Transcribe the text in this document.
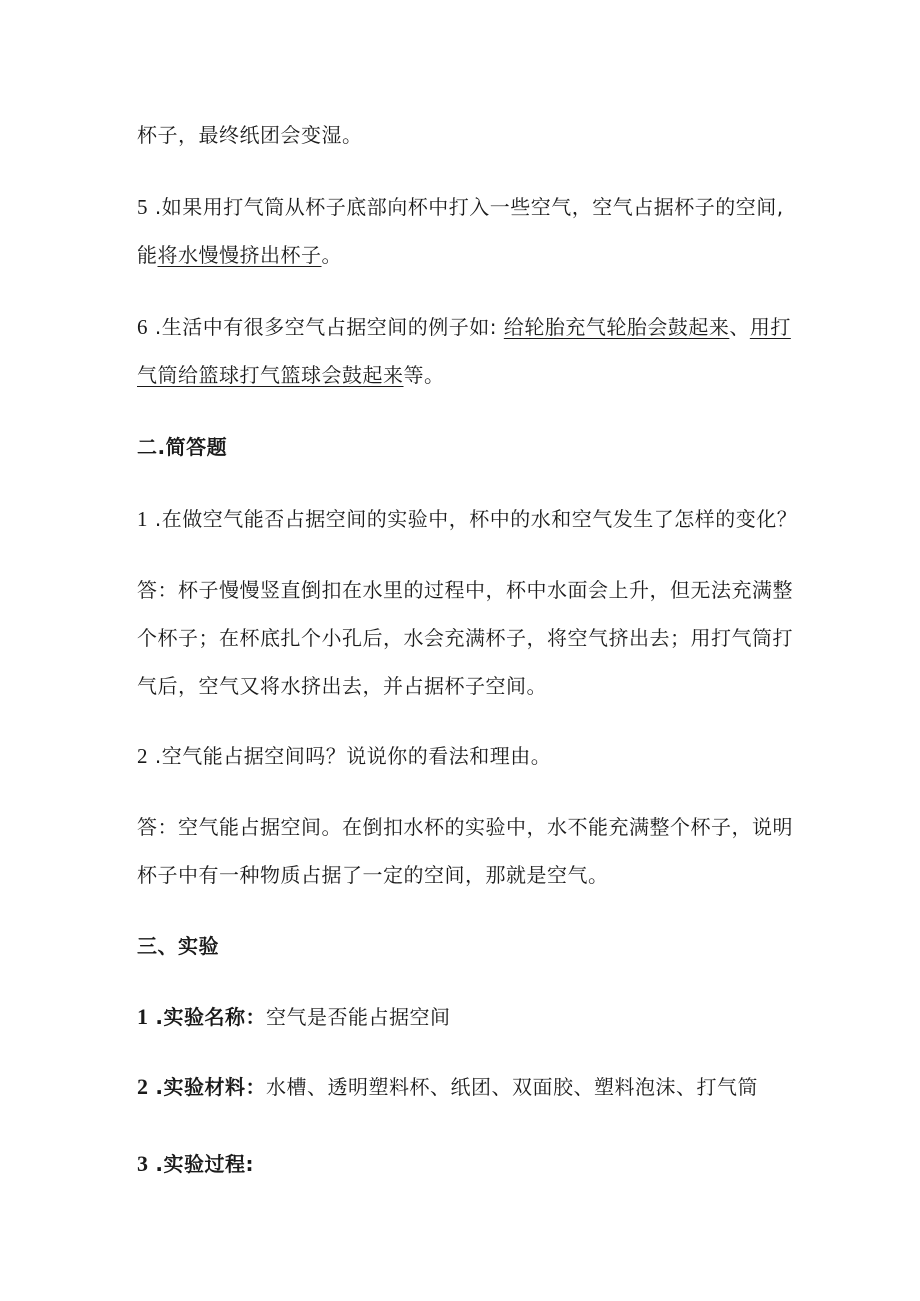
杯子，最终纸团会变湿。
5 .如果用打气筒从杯子底部向杯中打入一些空气，空气占据杯子的空间,
能将水慢慢挤出杯子。
6 .生活中有很多空气占据空间的例子如: 给轮胎充气轮胎会鼓起来、用打
气筒给篮球打气篮球会鼓起来等。
二.简答题
1 .在做空气能否占据空间的实验中，杯中的水和空气发生了怎样的变化？
答：杯子慢慢竖直倒扣在水里的过程中，杯中水面会上升，但无法充满整
个杯子；在杯底扎个小孔后，水会充满杯子，将空气挤出去；用打气筒打
气后，空气又将水挤出去，并占据杯子空间。
2 .空气能占据空间吗？说说你的看法和理由。
答：空气能占据空间。在倒扣水杯的实验中，水不能充满整个杯子，说明
杯子中有一种物质占据了一定的空间，那就是空气。
三、实验
1 .实验名称：空气是否能占据空间
2 .实验材料：水槽、透明塑料杯、纸团、双面胶、塑料泡沫、打气筒
3 .实验过程:
